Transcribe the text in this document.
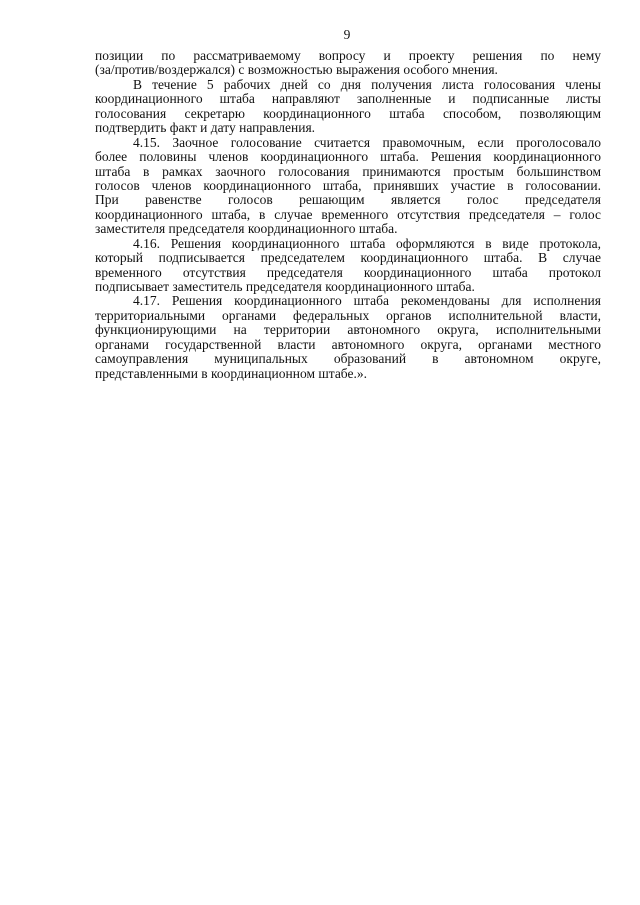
9
позиции по рассматриваемому вопросу и проекту решения по нему
(за/против/воздержался) с возможностью выражения особого мнения.
В течение 5 рабочих дней со дня получения листа голосования члены
координационного штаба направляют заполненные и подписанные листы
голосования секретарю координационного штаба способом, позволяющим
подтвердить факт и дату направления.
4.15. Заочное голосование считается правомочным, если проголосовало
более половины членов координационного штаба. Решения координационного
штаба в рамках заочного голосования принимаются простым большинством
голосов членов координационного штаба, принявших участие в голосовании.
При равенстве голосов решающим является голос председателя
координационного штаба, в случае временного отсутствия председателя – голос
заместителя председателя координационного штаба.
4.16. Решения координационного штаба оформляются в виде протокола,
который подписывается председателем координационного штаба. В случае
временного отсутствия председателя координационного штаба протокол
подписывает заместитель председателя координационного штаба.
4.17. Решения координационного штаба рекомендованы для исполнения
территориальными органами федеральных органов исполнительной власти,
функционирующими на территории автономного округа, исполнительными
органами государственной власти автономного округа, органами местного
самоуправления муниципальных образований в автономном округе,
представленными в координационном штабе.».
